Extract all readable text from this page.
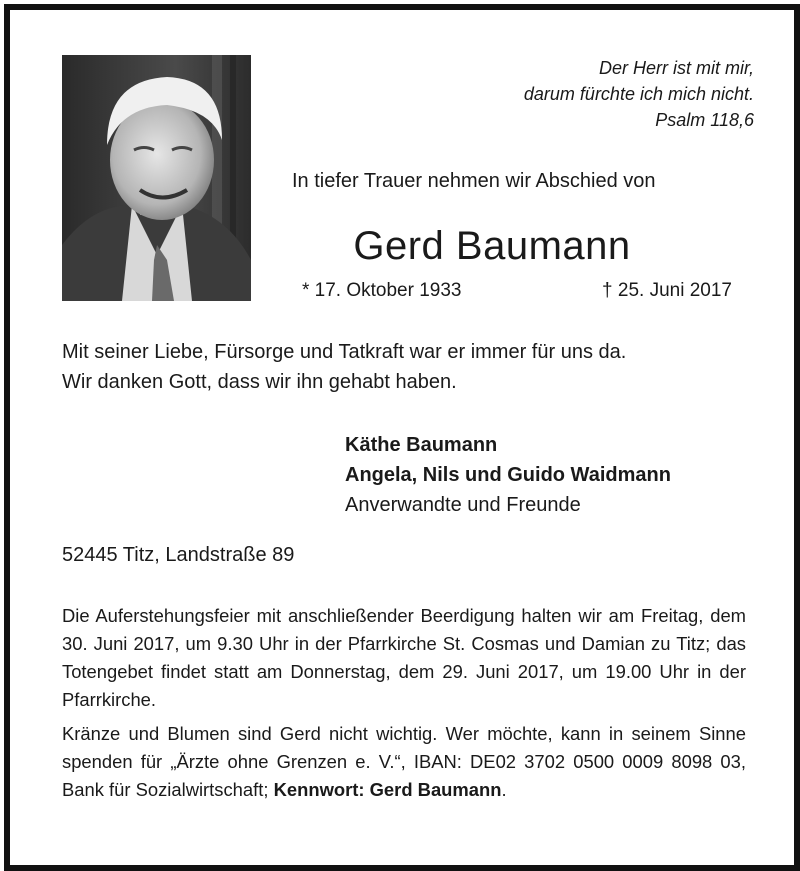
Der Herr ist mit mir,
darum fürchte ich mich nicht.
Psalm 118,6
In tiefer Trauer nehmen wir Abschied von
Gerd Baumann
* 17. Oktober 1933	† 25. Juni 2017
Mit seiner Liebe, Fürsorge und Tatkraft war er immer für uns da.
Wir danken Gott, dass wir ihn gehabt haben.
Käthe Baumann
Angela, Nils und Guido Waidmann
Anverwandte und Freunde
52445 Titz, Landstraße 89
Die Auferstehungsfeier mit anschließender Beerdigung halten wir am Freitag, dem 30. Juni 2017, um 9.30 Uhr in der Pfarrkirche St. Cosmas und Damian zu Titz; das Totengebet findet statt am Donnerstag, dem 29. Juni 2017, um 19.00 Uhr in der Pfarrkirche.
Kränze und Blumen sind Gerd nicht wichtig. Wer möchte, kann in seinem Sinne spenden für „Ärzte ohne Grenzen e. V.“, IBAN: DE02 3702 0500 0009 8098 03, Bank für Sozialwirtschaft; Kennwort: Gerd Baumann.
